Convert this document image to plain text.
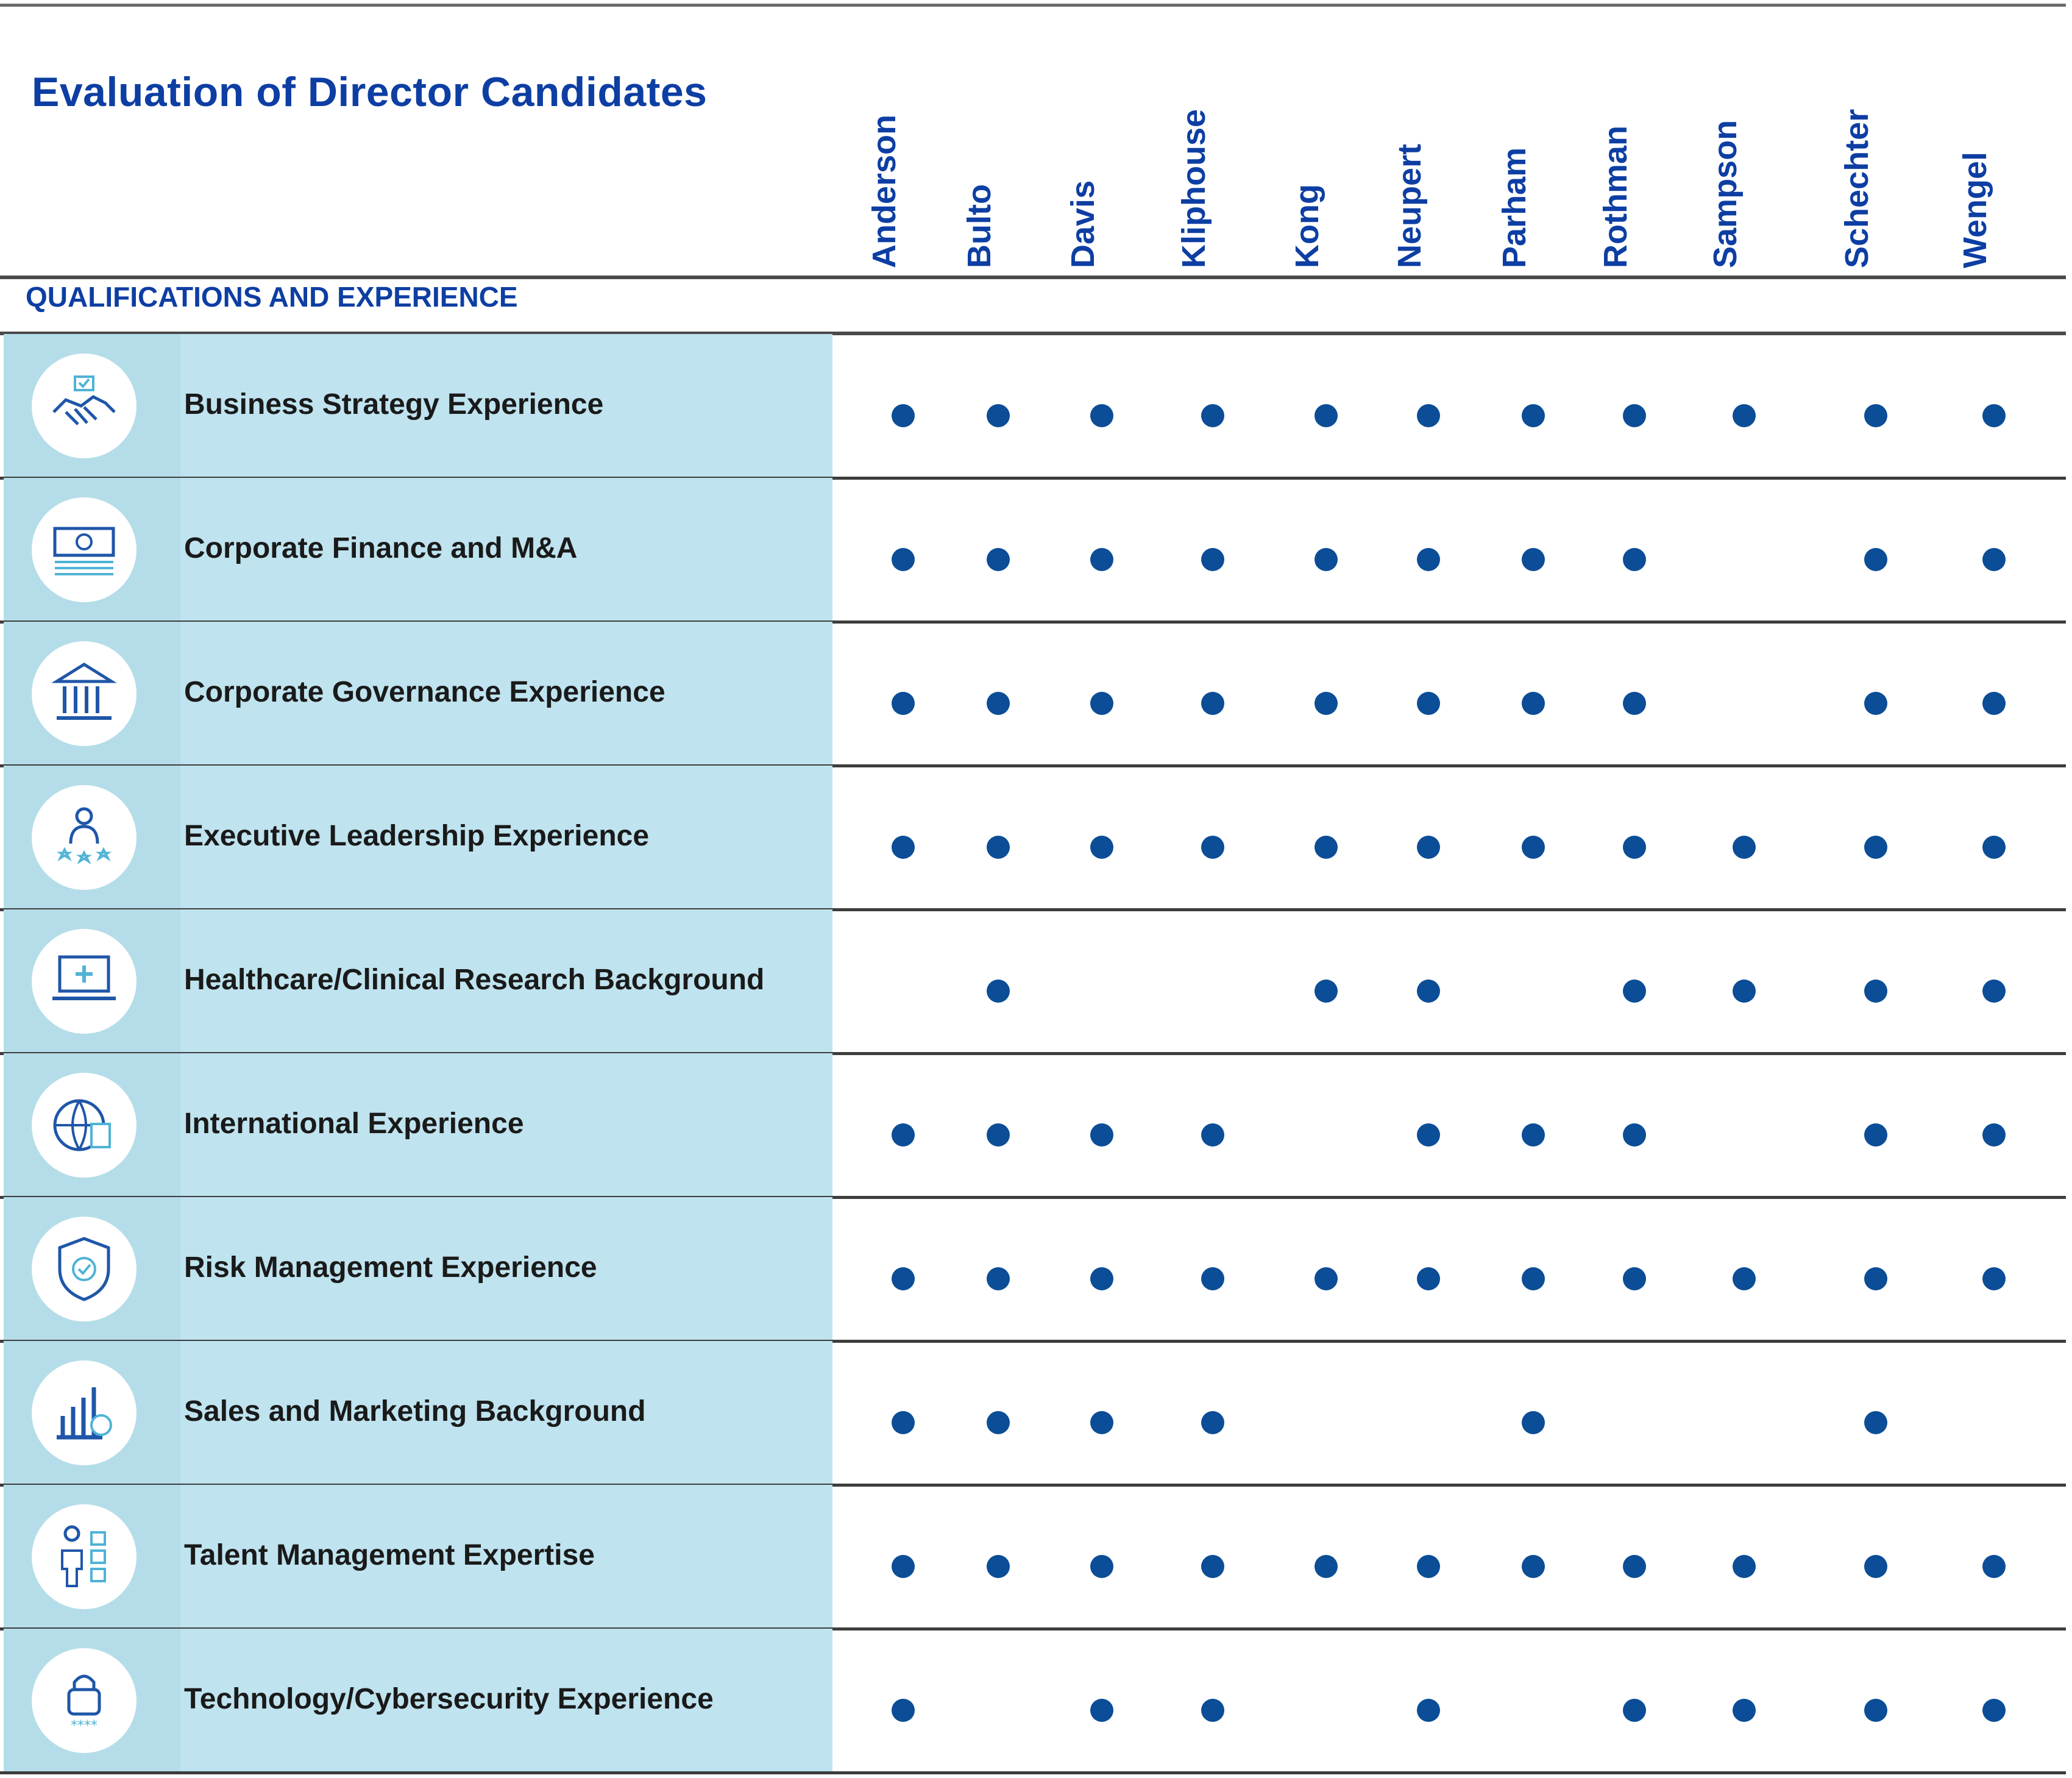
Evaluation of Director Candidates
Anderson Bulto Davis Kliphouse Kong Neupert Parham Rothman Sampson	Schechter Wengel
QUALIFICATIONS AND EXPERIENCE
Business Strategy Experience
Corporate Finance and M&A
Corporate Governance Experience
Executive Leadership Experience
Healthcare/Clinical Research Background
International Experience
Risk Management Experience
Sales and Marketing Background
Talent Management Expertise
****
Technology/Cybersecurity Experience
